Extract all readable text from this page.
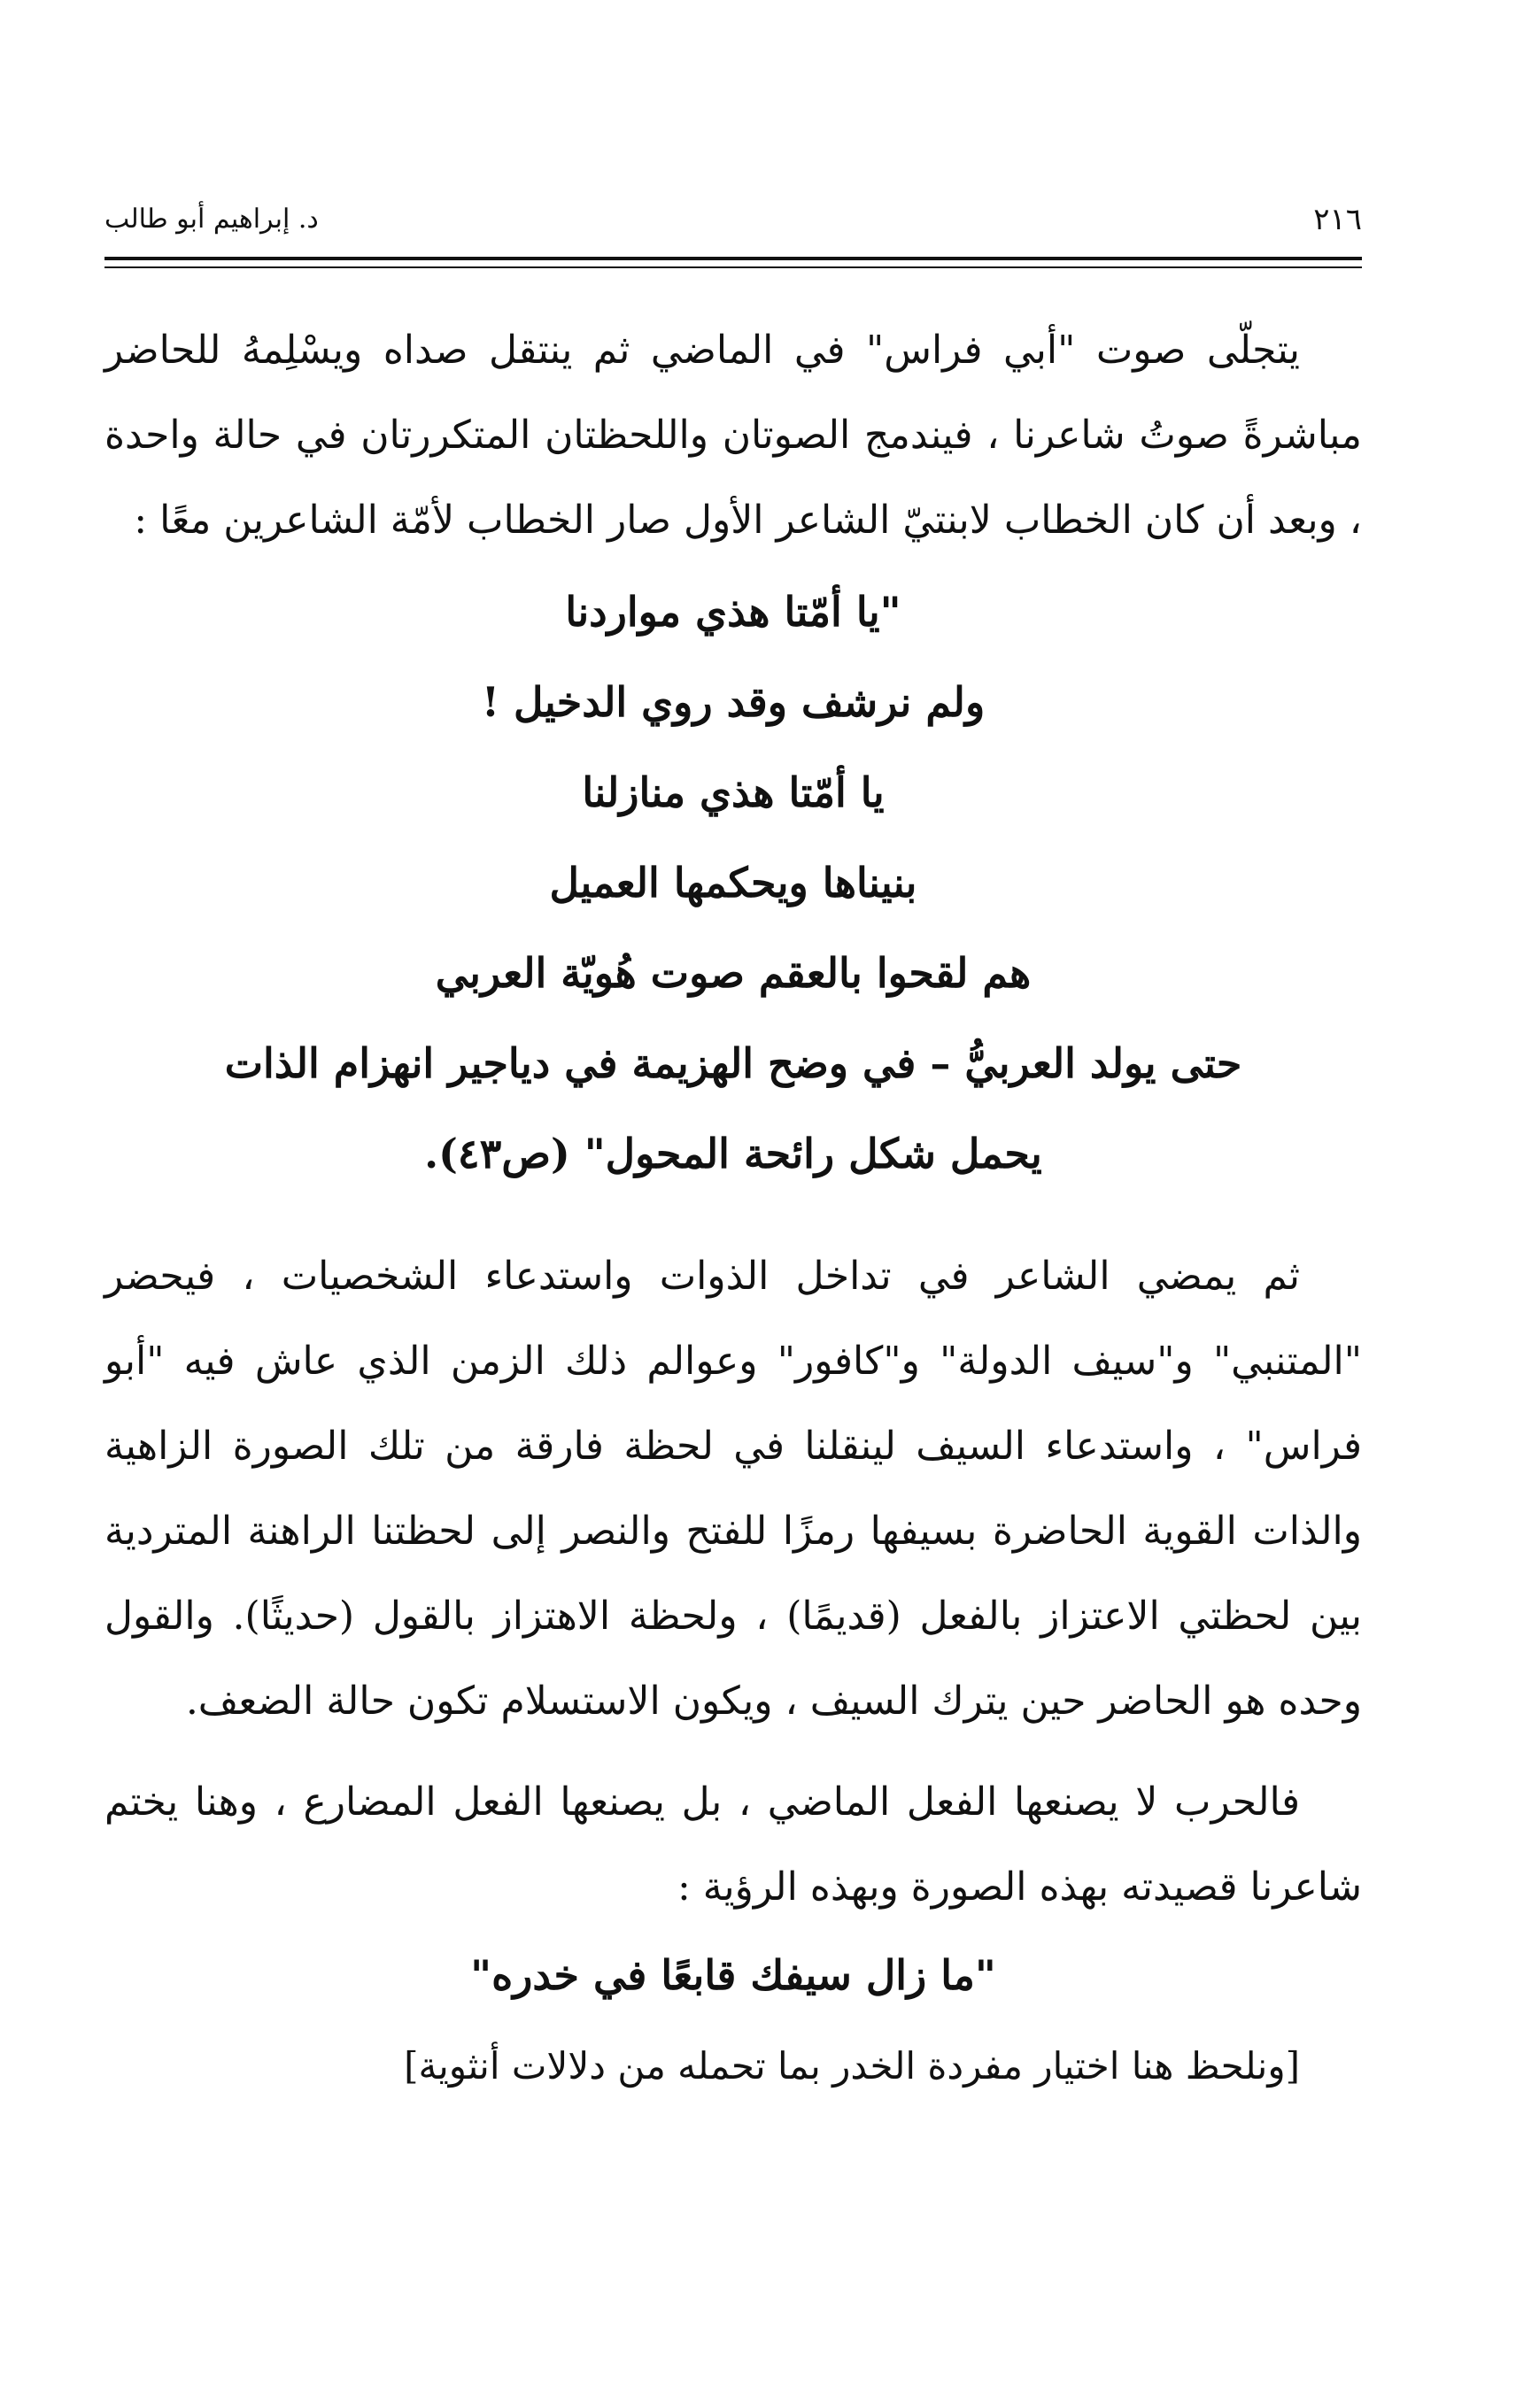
٢١٦
د. إبراهيم أبو طالب

يتجلّى صوت "أبي فراس" في الماضي ثم ينتقل صداه ويسْلِمهُ للحاضر مباشرةً صوتُ شاعرنا ، فيندمج الصوتان واللحظتان المتكررتان في حالة واحدة ، وبعد أن كان الخطاب لابنتيّ الشاعر الأول صار الخطاب لأمّة الشاعرين معًا :

"يا أمّتا هذي مواردنا

ولم نرشف وقد روي الدخيل !

يا أمّتا هذي منازلنا

بنيناها ويحكمها العميل

هم لقحوا بالعقم صوت هُويّة العربي

حتى يولد العربيُّ – في وضح الهزيمة في دياجير انهزام الذات

يحمل شكل رائحة المحول" (ص٤٣).

ثم يمضي الشاعر في تداخل الذوات واستدعاء الشخصيات ، فيحضر "المتنبي" و"سيف الدولة" و"كافور" وعوالم ذلك الزمن الذي عاش فيه "أبو فراس" ، واستدعاء السيف لينقلنا في لحظة فارقة من تلك الصورة الزاهية والذات القوية الحاضرة بسيفها رمزًا للفتح والنصر إلى لحظتنا الراهنة المتردية بين لحظتي الاعتزاز بالفعل (قديمًا) ، ولحظة الاهتزاز بالقول (حديثًا). والقول وحده هو الحاضر حين يترك السيف ، ويكون الاستسلام تكون حالة الضعف.

فالحرب لا يصنعها الفعل الماضي ، بل يصنعها الفعل المضارع ، وهنا يختم شاعرنا قصيدته بهذه الصورة وبهذه الرؤية :

"ما زال سيفك قابعًا في خدره"

[ونلحظ هنا اختيار مفردة الخدر بما تحمله من دلالات أنثوية]
